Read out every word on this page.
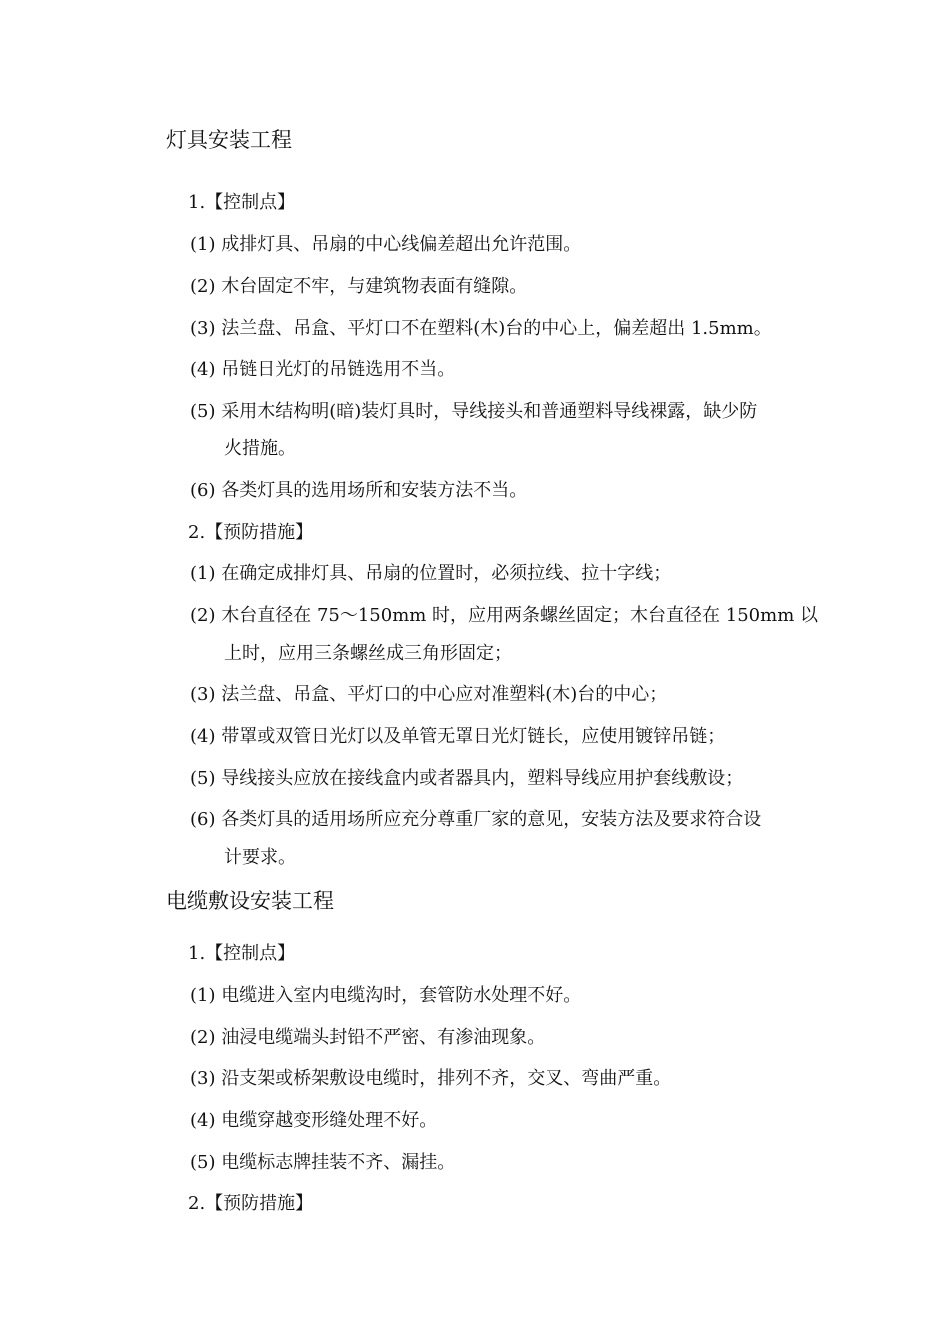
灯具安装工程
1.【控制点】
(1) 成排灯具、吊扇的中心线偏差超出允许范围。
(2) 木台固定不牢，与建筑物表面有缝隙。
(3) 法兰盘、吊盒、平灯口不在塑料(木)台的中心上，偏差超出 1.5mm。
(4) 吊链日光灯的吊链选用不当。
(5) 采用木结构明(暗)装灯具时，导线接头和普通塑料导线裸露，缺少防
火措施。
(6) 各类灯具的选用场所和安装方法不当。
2.【预防措施】
(1) 在确定成排灯具、吊扇的位置时，必须拉线、拉十字线；
(2) 木台直径在 75～150mm 时，应用两条螺丝固定；木台直径在 150mm 以
上时，应用三条螺丝成三角形固定；
(3) 法兰盘、吊盒、平灯口的中心应对准塑料(木)台的中心；
(4) 带罩或双管日光灯以及单管无罩日光灯链长，应使用镀锌吊链；
(5) 导线接头应放在接线盒内或者器具内，塑料导线应用护套线敷设；
(6) 各类灯具的适用场所应充分尊重厂家的意见，安装方法及要求符合设
计要求。
电缆敷设安装工程
1.【控制点】
(1) 电缆进入室内电缆沟时，套管防水处理不好。
(2) 油浸电缆端头封铅不严密、有渗油现象。
(3) 沿支架或桥架敷设电缆时，排列不齐，交叉、弯曲严重。
(4) 电缆穿越变形缝处理不好。
(5) 电缆标志牌挂装不齐、漏挂。
2.【预防措施】
